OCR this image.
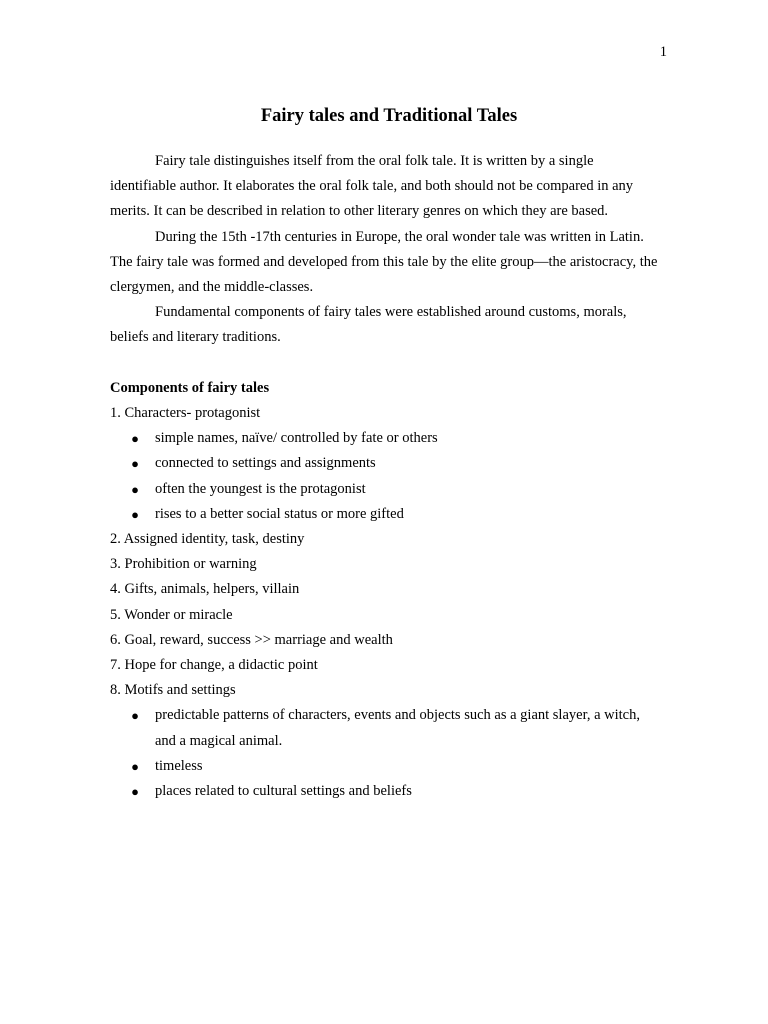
1
Fairy tales and Traditional Tales

Fairy tale distinguishes itself from the oral folk tale. It is written by a single identifiable author. It elaborates the oral folk tale, and both should not be compared in any merits. It can be described in relation to other literary genres on which they are based.

During the 15th -17th centuries in Europe, the oral wonder tale was written in Latin. The fairy tale was formed and developed from this tale by the elite group—the aristocracy, the clergymen, and the middle-classes.

Fundamental components of fairy tales were established around customs, morals, beliefs and literary traditions.

Components of fairy tales

1. Characters- protagonist

● simple names, naïve/ controlled by fate or others
● connected to settings and assignments
● often the youngest is the protagonist
● rises to a better social status or more gifted

2. Assigned identity, task, destiny

3. Prohibition or warning

4. Gifts, animals, helpers, villain

5. Wonder or miracle

6. Goal, reward, success >> marriage and wealth

7. Hope for change, a didactic point

8. Motifs and settings

● predictable patterns of characters, events and objects such as a giant slayer, a witch, and a magical animal.
● timeless
● places related to cultural settings and beliefs
